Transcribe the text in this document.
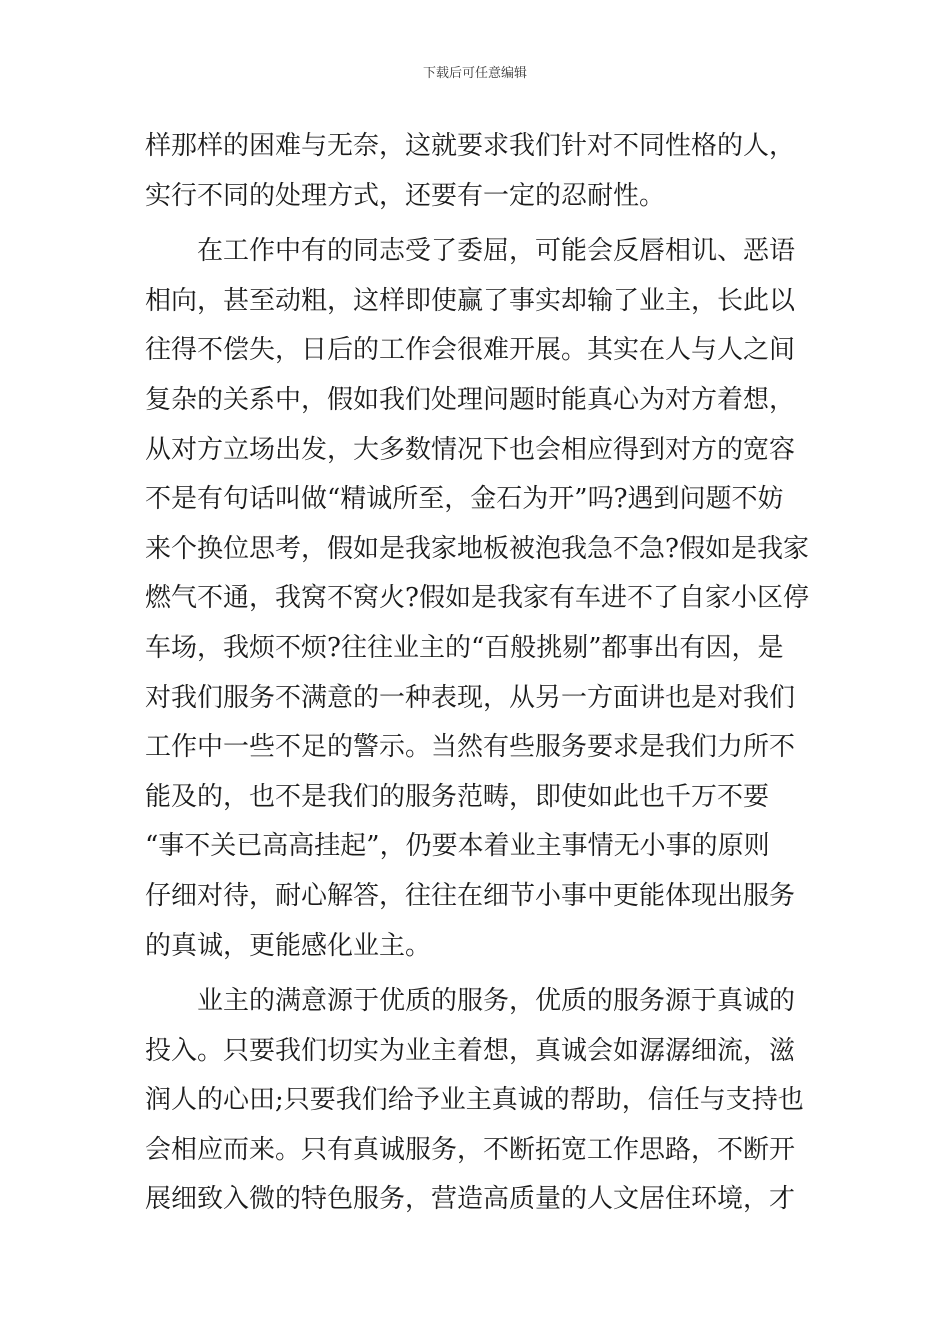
下载后可任意编辑
样那样的困难与无奈，这就要求我们针对不同性格的人，
实行不同的处理方式，还要有一定的忍耐性。
在工作中有的同志受了委屈，可能会反唇相讥、恶语
相向，甚至动粗，这样即使赢了事实却输了业主，长此以
往得不偿失，日后的工作会很难开展。其实在人与人之间
复杂的关系中，假如我们处理问题时能真心为对方着想，
从对方立场出发，大多数情况下也会相应得到对方的宽容
不是有句话叫做“精诚所至，金石为开”吗?遇到问题不妨
来个换位思考，假如是我家地板被泡我急不急?假如是我家
燃气不通，我窝不窝火?假如是我家有车进不了自家小区停
车场，我烦不烦?往往业主的“百般挑剔”都事出有因，是
对我们服务不满意的一种表现，从另一方面讲也是对我们
工作中一些不足的警示。当然有些服务要求是我们力所不
能及的，也不是我们的服务范畴，即使如此也千万不要
“事不关已高高挂起”，仍要本着业主事情无小事的原则
仔细对待，耐心解答，往往在细节小事中更能体现出服务
的真诚，更能感化业主。
业主的满意源于优质的服务，优质的服务源于真诚的
投入。只要我们切实为业主着想，真诚会如潺潺细流，滋
润人的心田;只要我们给予业主真诚的帮助，信任与支持也
会相应而来。只有真诚服务，不断拓宽工作思路，不断开
展细致入微的特色服务，营造高质量的人文居住环境，才
